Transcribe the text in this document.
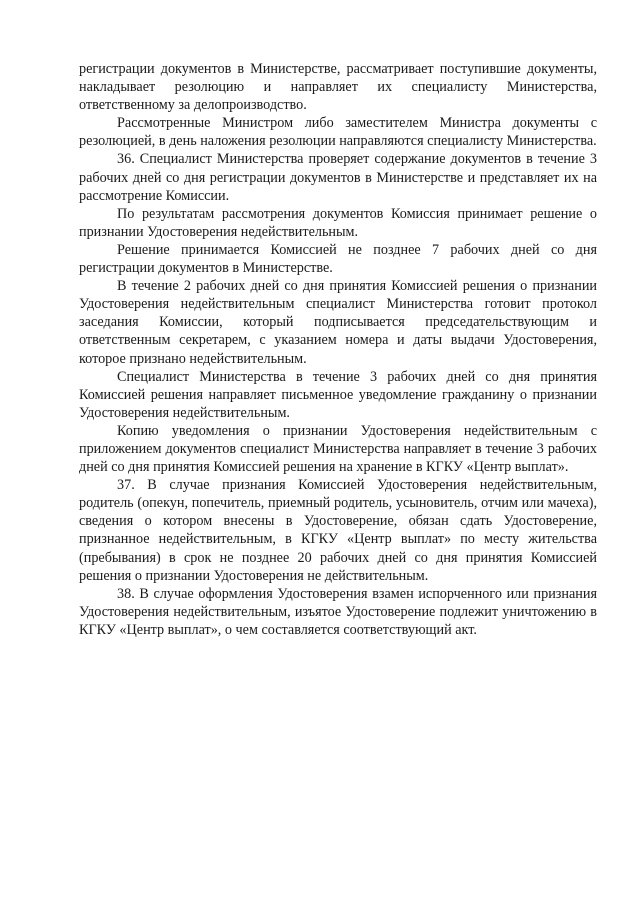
регистрации документов в Министерстве, рассматривает поступившие документы, накладывает резолюцию и направляет их специалисту Министерства, ответственному за делопроизводство.

Рассмотренные Министром либо заместителем Министра документы с резолюцией, в день наложения резолюции направляются специалисту Министерства.

36. Специалист Министерства проверяет содержание документов в течение 3 рабочих дней со дня регистрации документов в Министерстве и представляет их на рассмотрение Комиссии.

По результатам рассмотрения документов Комиссия принимает решение о признании Удостоверения недействительным.

Решение принимается Комиссией не позднее 7 рабочих дней со дня регистрации документов в Министерстве.

В течение 2 рабочих дней со дня принятия Комиссией решения о признании Удостоверения недействительным специалист Министерства готовит протокол заседания Комиссии, который подписывается председательствующим и ответственным секретарем, с указанием номера и даты выдачи Удостоверения, которое признано недействительным.

Специалист Министерства в течение 3 рабочих дней со дня принятия Комиссией решения направляет письменное уведомление гражданину о признании Удостоверения недействительным.

Копию уведомления о признании Удостоверения недействительным с приложением документов специалист Министерства направляет в течение 3 рабочих дней со дня принятия Комиссией решения на хранение в КГКУ «Центр выплат».

37. В случае признания Комиссией Удостоверения недействительным, родитель (опекун, попечитель, приемный родитель, усыновитель, отчим или мачеха), сведения о котором внесены в Удостоверение, обязан сдать Удостоверение, признанное недействительным, в КГКУ «Центр выплат» по месту жительства (пребывания) в срок не позднее 20 рабочих дней со дня принятия Комиссией решения о признании Удостоверения не действительным.

38. В случае оформления Удостоверения взамен испорченного или признания Удостоверения недействительным, изъятое Удостоверение подлежит уничтожению в КГКУ «Центр выплат», о чем составляется соответствующий акт.
